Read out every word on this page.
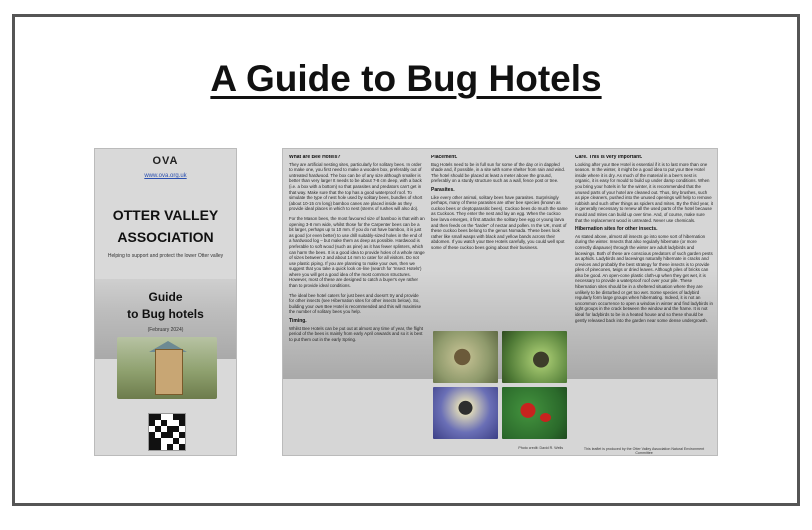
A Guide to Bug Hotels
OVA
www.ova.org.uk
OTTER VALLEY
ASSOCIATION
Helping to support and protect the lower Otter valley
Guide
to Bug hotels
(February 2024)
What are Bee Hotels?

They are artificial nesting sites, particularly for solitary bees. In order to make one, you first need to make a wooden box, preferably out of untreated hardwood. The box can be of any size although smaller is better than very large! It needs to be about 7-8 cm deep, with a back (i.e. a box with a bottom) so that parasites and predators can't get in that way. Make sure that the top has a good waterproof roof. To simulate the type of nest hole used by solitary bees, bundles of short (about 10-15 cm long) bamboo canes are placed inside as they provide ideal places in which to nest (stems of rushes will also do).

For the Mason bees, the most favoured size of bamboo is that with an opening 3-8 mm wide, whilst those for the Carpenter bees can be a bit larger, perhaps up to 10 mm. If you do not have bamboo, it is just as good (or even better) to use drill suitably-sized holes in the end of a hardwood log – but make them as deep as possible. Hardwood is preferable to soft wood (such as pine) as it has fewer splinters, which can harm the bees. It is a good idea to provide holes of a whole range of sizes between 2 and about 14 mm to cater for all visitors. Do not use plastic piping. If you are planning to make your own, then we suggest that you take a quick look on-line (search for 'Insect Hotels') where you will get a good idea of the most common structures. However, most of these are designed to catch a buyer's eye rather than to provide ideal conditions.

The ideal bee hotel caters for just bees and doesn't try and provide for other insects (see Hibernation sites for other insects below). So, building your own Bee Hotel is recommended and this will maximise the number of solitary bees you help.

Timing.

Whilst Bee Hotels can be put out at almost any time of year, the flight period of the bees is mainly from early April onwards and so it is best to put them out in the early Spring.

Placement.

Bug Hotels need to be in full sun for some of the day or in dappled shade and, if possible, in a site with some shelter from rain and wind. The hotel should be placed at least a meter above the ground, preferably on a sturdy structure such as a wall, fence post or tree.

Parasites.

Like every other animal, solitary bees have parasites. Surprisingly perhaps, many of these parasites are other bee species (known as cuckoo bees or cleptoparasitic bees). Cuckoo bees do much the same as Cuckoos. They enter the nest and lay an egg. When the cuckoo bee larva emerges, it first attacks the solitary bee egg or young larva and then feeds on the "larder" of nectar and pollen. In the UK, most of these cuckoo bees belong to the genus Nomada. These bees look rather like small wasps with black and yellow bands across their abdomen. If you watch your Bee Hotels carefully, you could well spot some of these cuckoo bees going about their business.

Photo credit: David R. Wells
Care. This is very important.

Looking after your Bee Hotel is essential if it is to last more than one season. In the winter, it might be a good idea to put your Bee Hotel inside where it is dry. As much of the material in a bee's nest is organic, it is easy for mould to build up under damp conditions. When you bring your hotels in for the winter, it is recommended that the unused parts of your hotel are cleaned out. Thus, tiny brushes, such as pipe cleaners, pushed into the unused openings will help to remove rubbish and such other things as spiders and mites. By the third year, it is generally necessary to renew all the used parts of the hotel because mould and mites can build up over time. And, of course, make sure that the replacement wood is untreated. Never use chemicals.

Hibernation sites for other insects.

As stated above, almost all insects go into some sort of hibernation during the winter. Insects that also regularly hibernate (or more correctly diapause) through the winter are adult ladybirds and lacewings. Both of these are conscious predators of such garden pests as aphids. Ladybirds and lacewings naturally hibernate in cracks and crevices and probably the best strategy for these insects is to provide piles of pinecones, twigs or dried leaves. Although piles of bricks can also be good. An open-cone plastic cloth-up when they get wet, it is necessary to provide a waterproof roof over your pile. These hibernation sites should be in a sheltered situation where they are unlikely to be disturbed or get too wet. Some species of ladybird regularly form large groups when hibernating. Indeed, it is not an uncommon occurrence to open a window in winter and find ladybirds in tight groups in the crack between the window and the frame. It is not ideal for ladybirds to be in a heated house and so these should be gently released back into the garden near some dense undergrowth.

This leaflet is produced by the Otter Valley Association Natural Environment Committee
